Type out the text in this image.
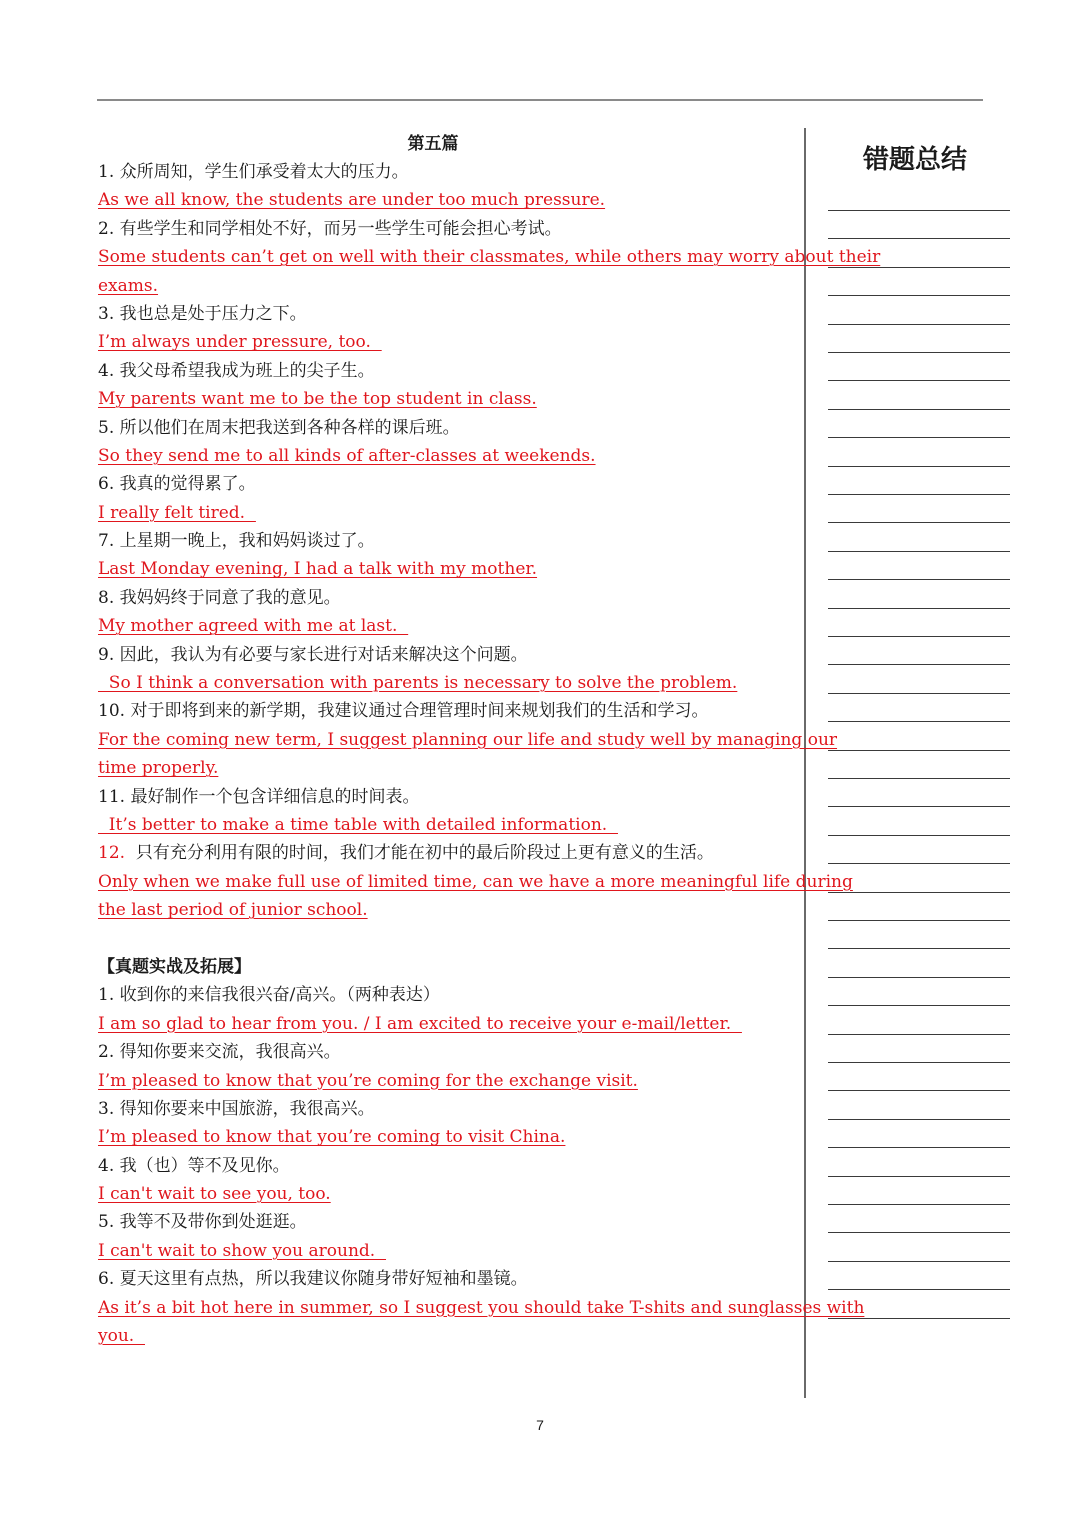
第五篇
1. 众所周知，学生们承受着太大的压力。
As we all know, the students are under too much pressure.
2. 有些学生和同学相处不好，而另一些学生可能会担心考试。
Some students can’t get on well with their classmates, while others may worry about their
exams.
3. 我也总是处于压力之下。
I’m always under pressure, too.
4. 我父母希望我成为班上的尖子生。
My parents want me to be the top student in class.
5. 所以他们在周末把我送到各种各样的课后班。
So they send me to all kinds of after-classes at weekends.
6. 我真的觉得累了。
I really felt tired.
7. 上星期一晚上，我和妈妈谈过了。
Last Monday evening, I had a talk with my mother.
8. 我妈妈终于同意了我的意见。
My mother agreed with me at last.
9. 因此，我认为有必要与家长进行对话来解决这个问题。
So I think a conversation with parents is necessary to solve the problem.
10. 对于即将到来的新学期，我建议通过合理管理时间来规划我们的生活和学习。
For the coming new term, I suggest planning our life and study well by managing our
time properly.
11. 最好制作一个包含详细信息的时间表。
It’s better to make a time table with detailed information.
12.  只有充分利用有限的时间，我们才能在初中的最后阶段过上更有意义的生活。
Only when we make full use of limited time, can we have a more meaningful life during
the last period of junior school.
【真题实战及拓展】
1. 收到你的来信我很兴奋/高兴。（两种表达）
I am so glad to hear from you. / I am excited to receive your e-mail/letter.
2. 得知你要来交流，我很高兴。
I’m pleased to know that you’re coming for the exchange visit.
3. 得知你要来中国旅游，我很高兴。
I’m pleased to know that you’re coming to visit China.
4. 我（也）等不及见你。
I can't wait to see you, too.
5. 我等不及带你到处逛逛。
I can't wait to show you around.
6. 夏天这里有点热，所以我建议你随身带好短袖和墨镜。
As it’s a bit hot here in summer, so I suggest you should take T-shits and sunglasses with
you.
错题总结
7
